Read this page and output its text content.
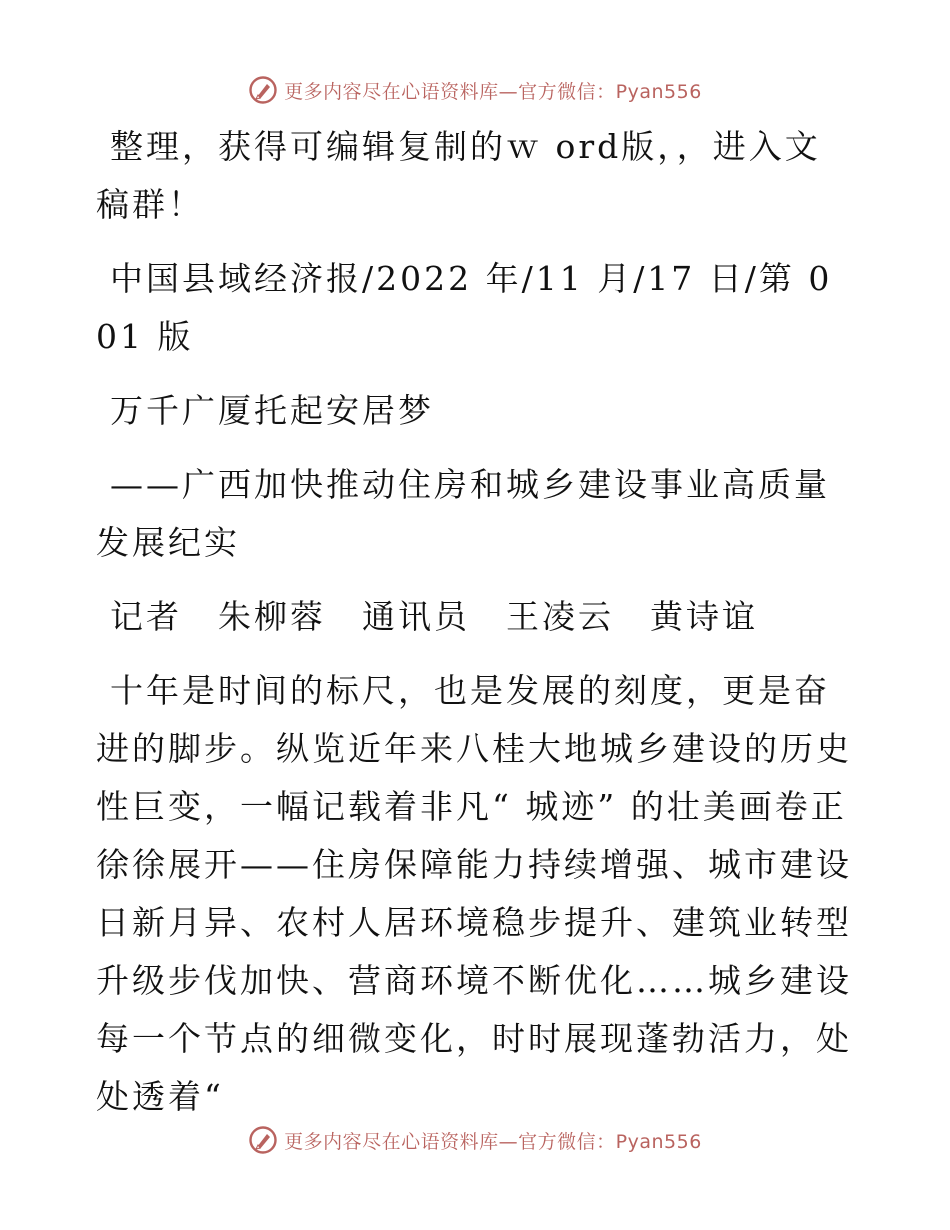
更多内容尽在心语资料库—官方微信：Pyan556

整理，获得可编辑复制的ｗ ord版，，进入文稿群！

中国县域经济报/2022 年/11 月/17 日/第 001 版

万千广厦托起安居梦

——广西加快推动住房和城乡建设事业高质量发展纪实

记者　朱柳蓉　通讯员　王凌云　黄诗谊

十年是时间的标尺，也是发展的刻度，更是奋进的脚步。纵览近年来八桂大地城乡建设的历史性巨变，一幅记载着非凡“ 城迹” 的壮美画卷正徐徐展开——住房保障能力持续增强、城市建设日新月异、农村人居环境稳步提升、建筑业转型升级步伐加快、营商环境不断优化……城乡建设每一个节点的细微变化，时时展现蓬勃活力，处处透着“

更多内容尽在心语资料库—官方微信：Pyan556
